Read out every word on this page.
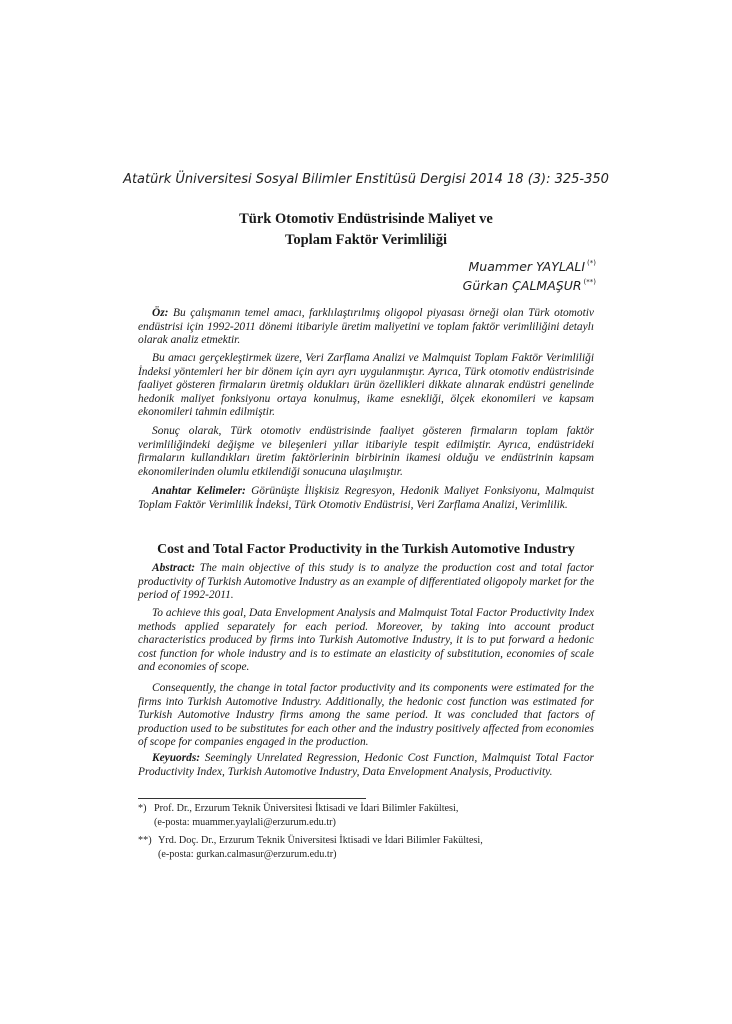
Atatürk Üniversitesi Sosyal Bilimler Enstitüsü Dergisi 2014 18 (3): 325-350
Türk Otomotiv Endüstrisinde Maliyet ve
Toplam Faktör Verimliliği
Muammer YAYLALI (*)
Gürkan ÇALMAŞUR (**)
Öz: Bu çalışmanın temel amacı, farklılaştırılmış oligopol piyasası örneği olan Türk otomotiv endüstrisi için 1992-2011 dönemi itibariyle üretim maliyetini ve toplam faktör verimliliğini detaylı olarak analiz etmektir.
Bu amacı gerçekleştirmek üzere, Veri Zarflama Analizi ve Malmquist Toplam Faktör Verimliliği İndeksi yöntemleri her bir dönem için ayrı ayrı uygulanmıştır. Ayrıca, Türk otomotiv endüstrisinde faaliyet gösteren firmaların üretmiş oldukları ürün özellikleri dikkate alınarak endüstri genelinde hedonik maliyet fonksiyonu ortaya konulmuş, ikame esnekliği, ölçek ekonomileri ve kapsam ekonomileri tahmin edilmiştir.
Sonuç olarak, Türk otomotiv endüstrisinde faaliyet gösteren firmaların toplam faktör verimliliğindeki değişme ve bileşenleri yıllar itibariyle tespit edilmiştir. Ayrıca, endüstrideki firmaların kullandıkları üretim faktörlerinin birbirinin ikamesi olduğu ve endüstrinin kapsam ekonomilerinden olumlu etkilendiği sonucuna ulaşılmıştır.
Anahtar Kelimeler: Görünüşte İlişkisiz Regresyon, Hedonik Maliyet Fonksiyonu, Malmquist Toplam Faktör Verimlilik İndeksi, Türk Otomotiv Endüstrisi, Veri Zarflama Analizi, Verimlilik.
Cost and Total Factor Productivity in the Turkish Automotive Industry
Abstract: The main objective of this study is to analyze the production cost and total factor productivity of Turkish Automotive Industry as an example of differentiated oligopoly market for the period of 1992-2011.
To achieve this goal, Data Envelopment Analysis and Malmquist Total Factor Productivity Index methods applied separately for each period. Moreover, by taking into account product characteristics produced by firms into Turkish Automotive Industry, it is to put forward a hedonic cost function for whole industry and is to estimate an elasticity of substitution, economies of scale and economies of scope.
Consequently, the change in total factor productivity and its components were estimated for the firms into Turkish Automotive Industry. Additionally, the hedonic cost function was estimated for Turkish Automotive Industry firms among the same period. It was concluded that factors of production used to be substitutes for each other and the industry positively affected from economies of scope for companies engaged in the production.
Keyuords: Seemingly Unrelated Regression, Hedonic Cost Function, Malmquist Total Factor Productivity Index, Turkish Automotive Industry, Data Envelopment Analysis, Productivity.
*) Prof. Dr., Erzurum Teknik Üniversitesi İktisadi ve İdari Bilimler Fakültesi,
(e-posta: muammer.yaylali@erzurum.edu.tr)
**) Yrd. Doç. Dr., Erzurum Teknik Üniversitesi İktisadi ve İdari Bilimler Fakültesi,
(e-posta: gurkan.calmasur@erzurum.edu.tr)
